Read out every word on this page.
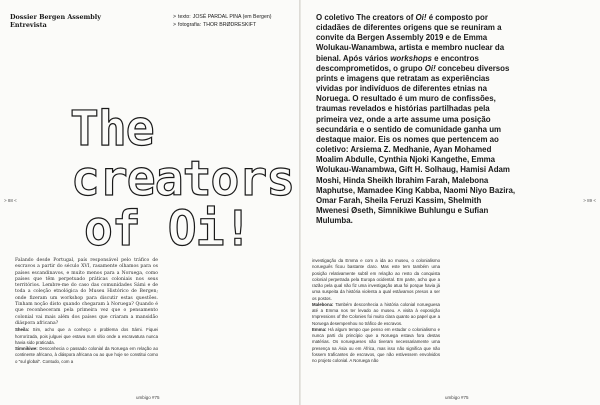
Dossier Bergen Assembly
Entrevista
> texto: JOSÉ PARDAL PINA (em Bergen)
> fotografia: THOR BRØDRESKIFT
The
creators
of Oi!
> 88 <

Falando desde Portugal, país responsável pelo tráfico de escravos a partir do século XVI, rasamente olhamos para os países escandinavos, e muito menos para a Noruega, como países que têm perpetuado práticas coloniais nos seus territórios. Lembre-me do caso das comunidades Sámi e de toda a coleção etnológica do Museu Histórico de Bergen; onde fizeram um workshop para discutir estas questões. Tinham noção disto quando chegaram à Noruega? Quando é que reconheceram pela primeira vez que o pensamento colonial vai mais além dos países que criaram a mansidão diáspora africana?

Sheila: Sim, acho que a conheço o problema dos Sámi. Fiquei horrorizada, pois julguei que estava num sítio onde a escravatura nunca havia sido praticada.

Simnikiwe: Desconhecia o passado colonial da Noruega em relação ao continente africano, à diáspora africana ou ao que hoje se constitui como o "sul global". Contudo, com a

umbigo #75
O coletivo The creators of Oi! é composto por cidadães de diferentes origens que se reuniram a convite da Bergen Assembly 2019 e de Emma Wolukau-Wanambwa, artista e membro nuclear da bienal. Após vários workshops e encontros descomprometidos, o grupo Oi! concebeu diversos prints e imagens que retratam as experiências vividas por indivíduos de diferentes etnias na Noruega. O resultado é um muro de confissões, traumas revelados e histórias partilhadas pela primeira vez, onde a arte assume uma posição secundária e o sentido de comunidade ganha um destaque maior. Eis os nomes que pertencem ao coletivo: Arsiema Z. Medhanie, Ayan Mohamed Moalim Abdulle, Cynthia Njoki Kangethe, Emma Wolukau-Wanambwa, Gift H. Solhaug, Hamisi Adam Moshi, Hinda Sheikh Ibrahim Farah, Malebona Maphutse, Mamadee King Kabba, Naomi Niyo Bazira, Omar Farah, Sheila Feruzi Kassim, Shelmith Mwenesi Øseth, Simnikiwe Buhlungu e Sufian Mulumba.

investigação da Emma e com a ida ao museu, o colonialismo norueguês ficou bastante claro. Mas este tem também uma posição relativamente subtil em relação ao resto da conquista colonial perpetrada pela Europa ocidental. Em parte, acho que a razão pela qual não fiz uma investigação atua foi porque havia já uma suspeita da história violenta a qual estávamos presos a ser os postos.

Malebona: Também desconhecia a história colonial norueguesa até a Emma nos ter levado ao museu. A visita à exposição Impressions of the Colonies foi muito clara quanto ao papel que a Noruega desempenhou no tráfico de escravos.

Emma: Há algum tempo que penso em estudar o colonialismo e nunca parti do princípio que a Noruega estava fora destas matérias. Os noruegueses não tiveram necessariamente uma presença na Ásia ou em África, mas isso não significa que não fossem traficantes de escravos, que não estivessem envolvidos no projeto colonial. A Noruega não

> 89 <
umbigo #75
